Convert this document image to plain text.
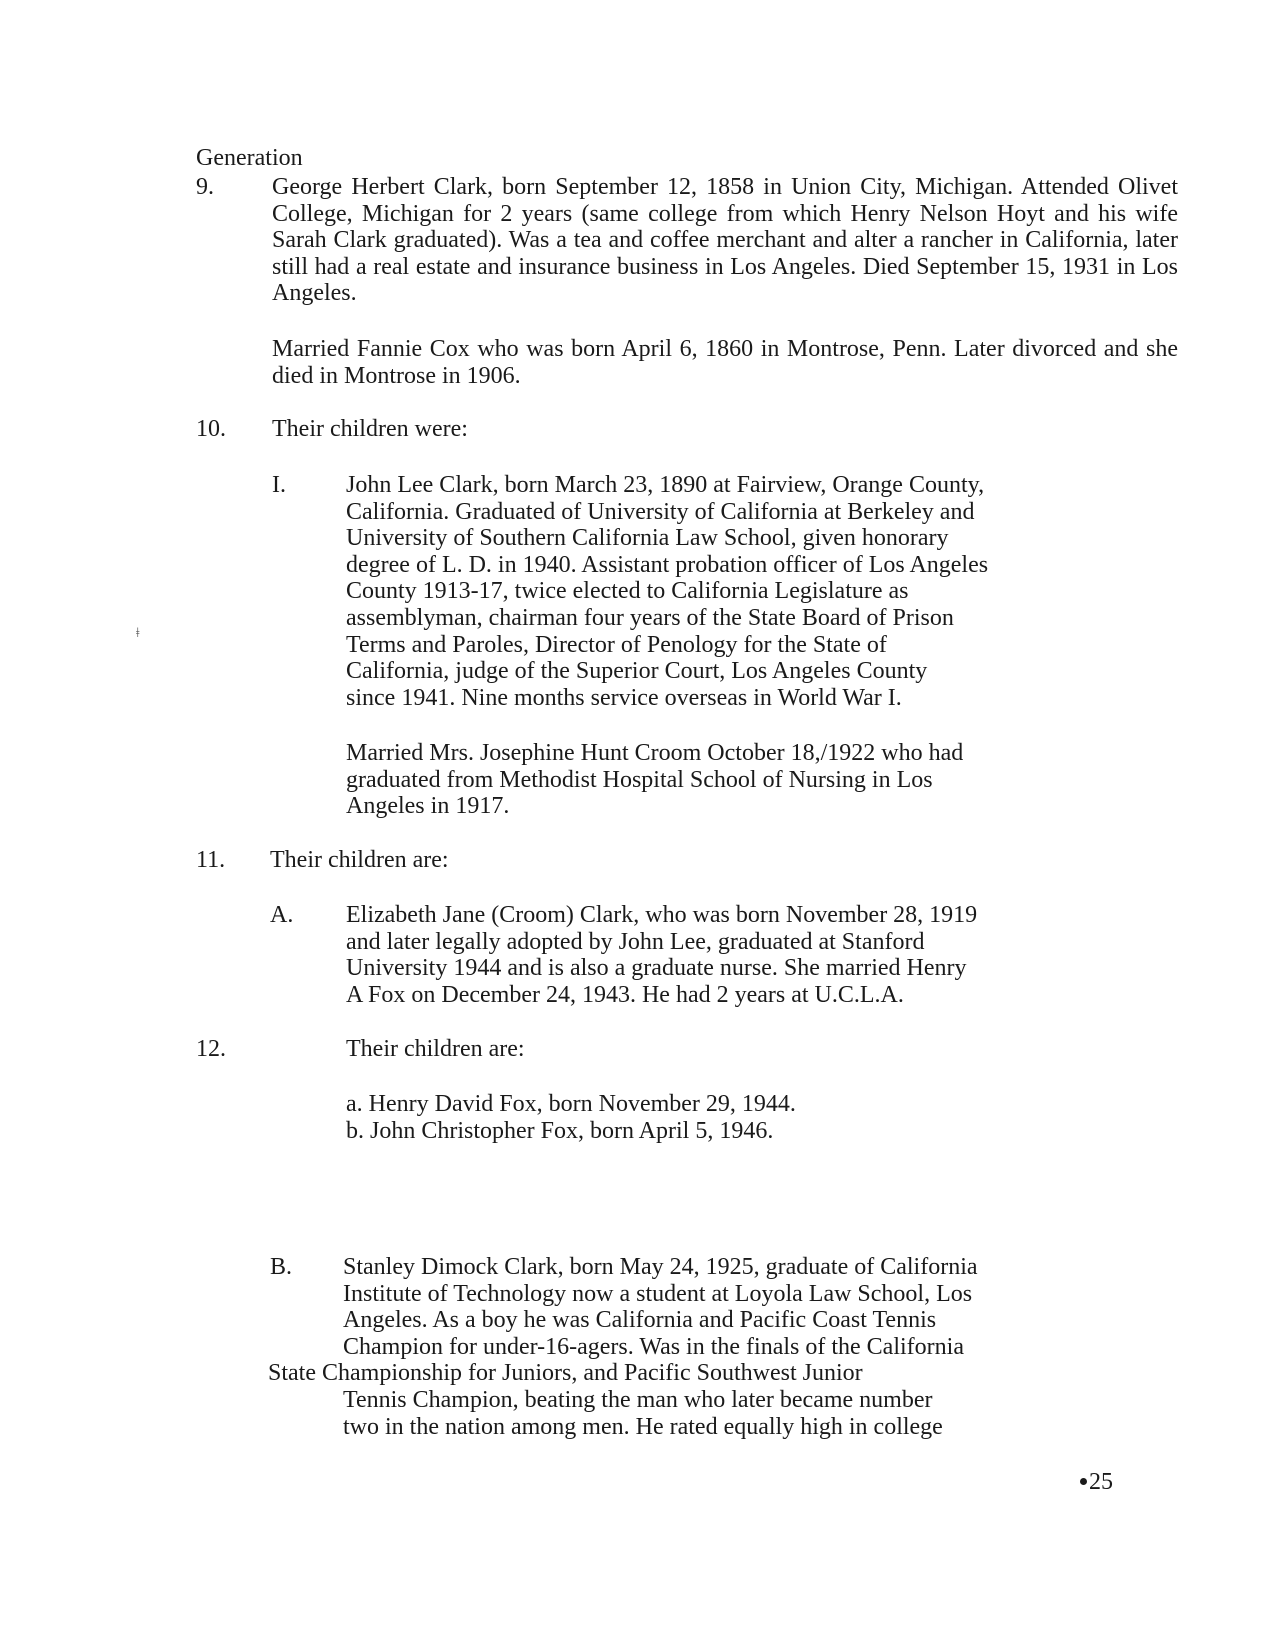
Generation
9. George Herbert Clark, born September 12, 1858 in Union City, Michigan. Attended Olivet College, Michigan for 2 years (same college from which Henry Nelson Hoyt and his wife Sarah Clark graduated). Was a tea and coffee merchant and alter a rancher in California, later still had a real estate and insurance business in Los Angeles. Died September 15, 1931 in Los Angeles.

Married Fannie Cox who was born April 6, 1860 in Montrose, Penn. Later divorced and she died in Montrose in 1906.

10. Their children were:
I.	John Lee Clark, born March 23, 1890 at Fairview, Orange County,
California. Graduated of University of California at Berkeley and
University of Southern California Law School, given honorary
degree of L. D. in 1940. Assistant probation officer of Los Angeles
County 1913-17, twice elected to California Legislature as
assemblyman, chairman four years of the State Board of Prison
Terms and Paroles, Director of Penology for the State of
California, judge of the Superior Court, Los Angeles County
since 1941. Nine months service overseas in World War I.
ǂ
Married Mrs. Josephine Hunt Croom October 18,/1922 who had
graduated from Methodist Hospital School of Nursing in Los
Angeles in 1917.
11. Their children are:
A. Elizabeth Jane (Croom) Clark, who was born November 28, 1919
and later legally adopted by John Lee, graduated at Stanford
University 1944 and is also a graduate nurse. She married Henry
A Fox on December 24, 1943. He had 2 years at U.C.L.A.
12.	Their children are:
a. Henry David Fox, born November 29, 1944.
b. John Christopher Fox, born April 5, 1946.
B. Stanley Dimock Clark, born May 24, 1925, graduate of California
Institute of Technology now a student at Loyola Law School, Los
Angeles. As a boy he was California and Pacific Coast Tennis
Champion for under-16-agers. Was in the finals of the California
State Championship for Juniors, and Pacific Southwest Junior
Tennis Champion, beating the man who later became number
two in the nation among men. He rated equally high in college
25
